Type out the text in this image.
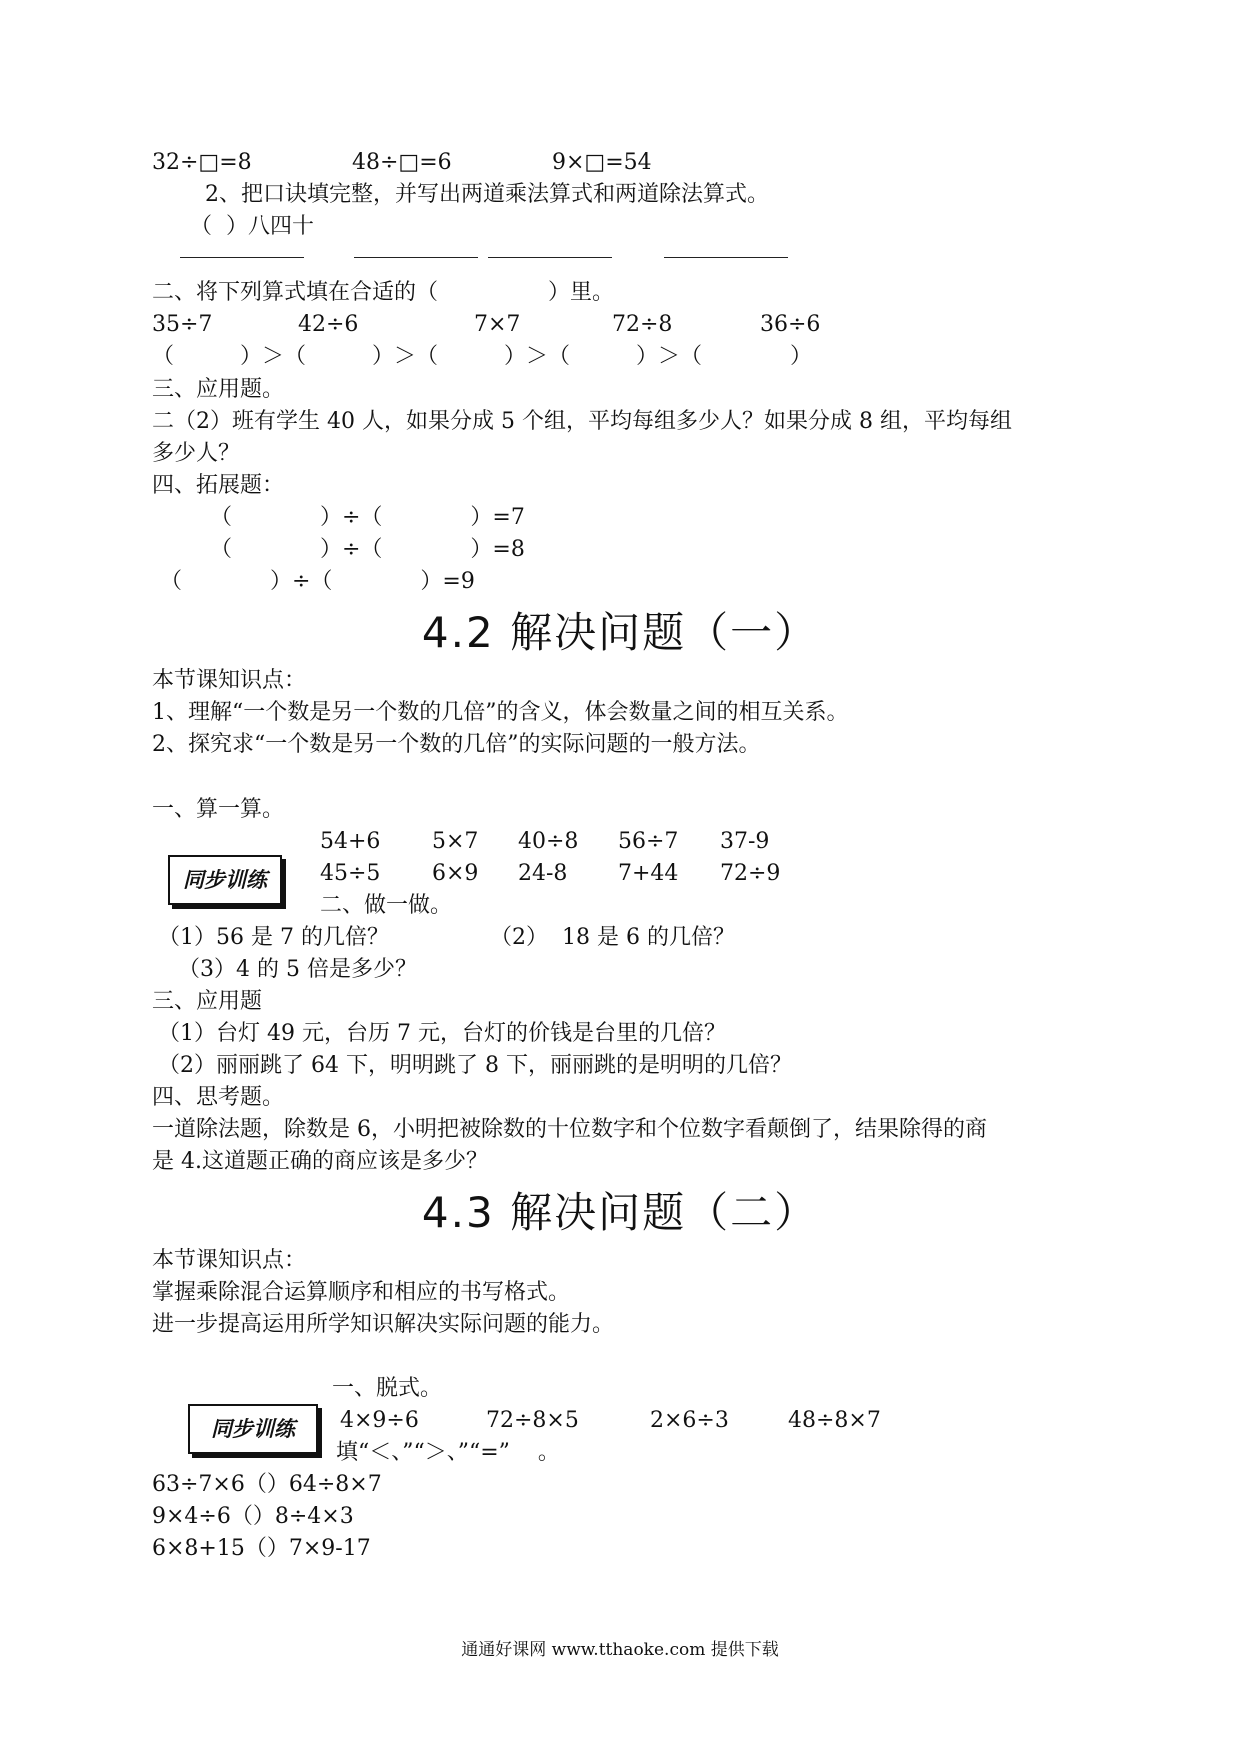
32÷□=8	48÷□=6	9×□=54
2、把口诀填完整，并写出两道乘法算式和两道除法算式。
（  ）八四十
二、将下列算式填在合适的（　　　　　）里。
35÷7	42÷6	7×7	72÷8	36÷6
（　　　）＞（　　　）＞（　　　）＞（　　　）＞（　　　　）
三、应用题。
二（2）班有学生 40 人，如果分成 5 个组，平均每组多少人？如果分成 8 组，平均每组
多少人？
四、拓展题：
（　　　　）÷（　　　　）=7
（　　　　）÷（　　　　）=8
（　　　　）÷（　　　　）=9
4.2 解决问题（一）
本节课知识点：
1、理解“一个数是另一个数的几倍”的含义，体会数量之间的相互关系。
2、探究求“一个数是另一个数的几倍”的实际问题的一般方法。
一、算一算。
54+6 5×7 40÷8 56÷7 37-9
同步训练	45÷5 6×9 24-8 7+44 72÷9
二、做一做。
（1）56 是 7 的几倍？	（2）  18 是 6 的几倍？
（3）4 的 5 倍是多少？
三、应用题
（1）台灯 49 元，台历 7 元，台灯的价钱是台里的几倍？
（2）丽丽跳了 64 下，明明跳了 8 下，丽丽跳的是明明的几倍？
四、思考题。
一道除法题，除数是 6，小明把被除数的十位数字和个位数字看颠倒了，结果除得的商
是 4.这道题正确的商应该是多少？
4.3 解决问题（二）
本节课知识点：
掌握乘除混合运算顺序和相应的书写格式。
进一步提高运用所学知识解决实际问题的能力。
一、脱式。
同步训练	4×9÷6	72÷8×5	2×6÷3	48÷8×7
填“＜、”“＞、”“=”    。
63÷7×6（）64÷8×7
9×4÷6（）8÷4×3
6×8+15（）7×9-17
通通好课网 www.tthaoke.com 提供下载
